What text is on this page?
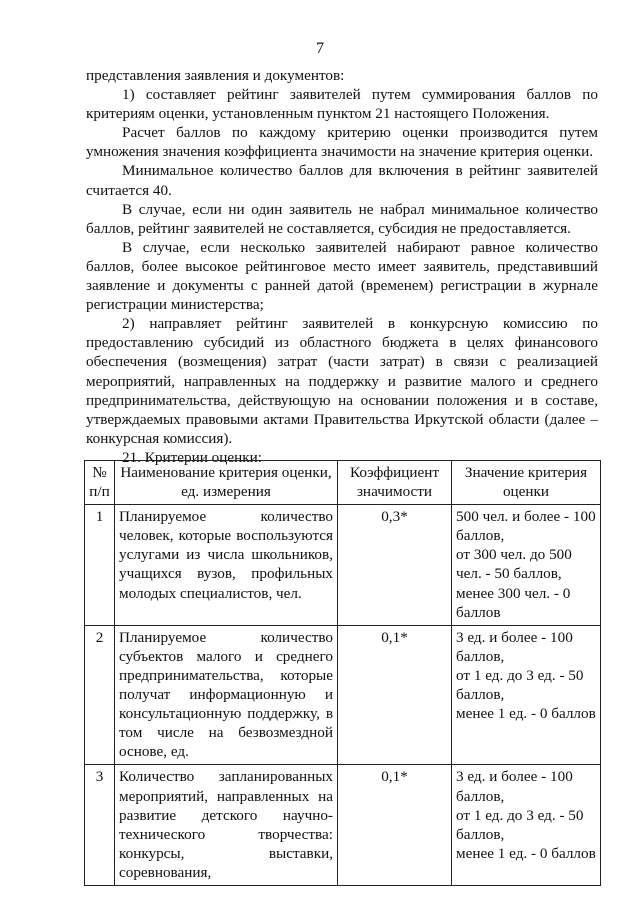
7

представления заявления и документов:

1) составляет рейтинг заявителей путем суммирования баллов по критериям оценки, установленным пунктом 21 настоящего Положения.

Расчет баллов по каждому критерию оценки производится путем умножения значения коэффициента значимости на значение критерия оценки.

Минимальное количество баллов для включения в рейтинг заявителей считается 40.

В случае, если ни один заявитель не набрал минимальное количество баллов, рейтинг заявителей не составляется, субсидия не предоставляется.

В случае, если несколько заявителей набирают равное количество баллов, более высокое рейтинговое место имеет заявитель, представивший заявление и документы с ранней датой (временем) регистрации в журнале регистрации министерства;

2) направляет рейтинг заявителей в конкурсную комиссию по предоставлению субсидий из областного бюджета в целях финансового обеспечения (возмещения) затрат (части затрат) в связи с реализацией мероприятий, направленных на поддержку и развитие малого и среднего предпринимательства, действующую на основании положения и в составе, утверждаемых правовыми актами Правительства Иркутской области (далее – конкурсная комиссия).

21. Критерии оценки:

№ п/п	Наименование критерия оценки, ед. измерения	Коэффициент значимости	Значение критерия оценки
1	Планируемое количество человек, которые воспользуются услугами из числа школьников, учащихся вузов, профильных молодых специалистов, чел.	0,3*	500 чел. и более - 100 баллов,
от 300 чел. до 500 чел. - 50 баллов,
менее 300 чел. - 0 баллов

2	Планируемое количество субъектов малого и среднего предпринимательства, которые получат информационную и консультационную поддержку, в том числе на безвозмездной основе, ед.	0,1*	3 ед. и более - 100 баллов,
от 1 ед. до 3 ед. - 50 баллов,
менее 1 ед. - 0 баллов

3	Количество запланированных мероприятий, направленных на развитие детского научно-технического творчества: конкурсы, выставки, соревнования,	0,1*	3 ед. и более - 100 баллов,
от 1 ед. до 3 ед. - 50 баллов,
менее 1 ед. - 0 баллов
